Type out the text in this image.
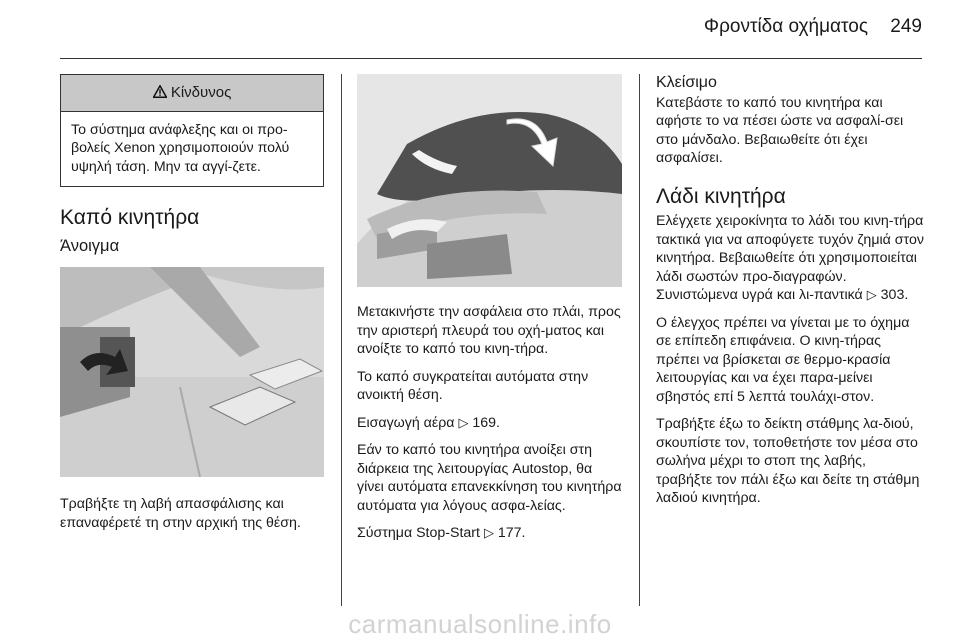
Φροντίδα οχήματος 249
Κίνδυνος
Το σύστημα ανάφλεξης και οι προ-βολείς Xenon χρησιμοποιούν πολύ υψηλή τάση. Μην τα αγγί-ζετε.
Καπό κινητήρα
Άνοιγμα

Τραβήξτε τη λαβή απασφάλισης και επαναφέρετέ τη στην αρχική της θέση.

Μετακινήστε την ασφάλεια στο πλάι, προς την αριστερή πλευρά του οχή-ματος και ανοίξτε το καπό του κινη-τήρα.

Το καπό συγκρατείται αυτόματα στην ανοικτή θέση.

Εισαγωγή αέρα ▷ 169.

Εάν το καπό του κινητήρα ανοίξει στη διάρκεια της λειτουργίας Autostop, θα γίνει αυτόματα επανεκκίνηση του κινητήρα αυτόματα για λόγους ασφα-λείας.

Σύστημα Stop-Start ▷ 177.

Κλείσιμο

Κατεβάστε το καπό του κινητήρα και αφήστε το να πέσει ώστε να ασφαλί-σει στο μάνδαλο. Βεβαιωθείτε ότι έχει ασφαλίσει.

Λάδι κινητήρα

Ελέγχετε χειροκίνητα το λάδι του κινη-τήρα τακτικά για να αποφύγετε τυχόν ζημιά στον κινητήρα. Βεβαιωθείτε ότι χρησιμοποιείται λάδι σωστών προ-διαγραφών. Συνιστώμενα υγρά και λι-παντικά ▷ 303.

Ο έλεγχος πρέπει να γίνεται με το όχημα σε επίπεδη επιφάνεια. Ο κινη-τήρας πρέπει να βρίσκεται σε θερμο-κρασία λειτουργίας και να έχει παρα-μείνει σβηστός επί 5 λεπτά τουλάχι-στον.

Τραβήξτε έξω το δείκτη στάθμης λα-διού, σκουπίστε τον, τοποθετήστε τον μέσα στο σωλήνα μέχρι το στοπ της λαβής, τραβήξτε τον πάλι έξω και δείτε τη στάθμη λαδιού κινητήρα.

carmanualsonline.info
